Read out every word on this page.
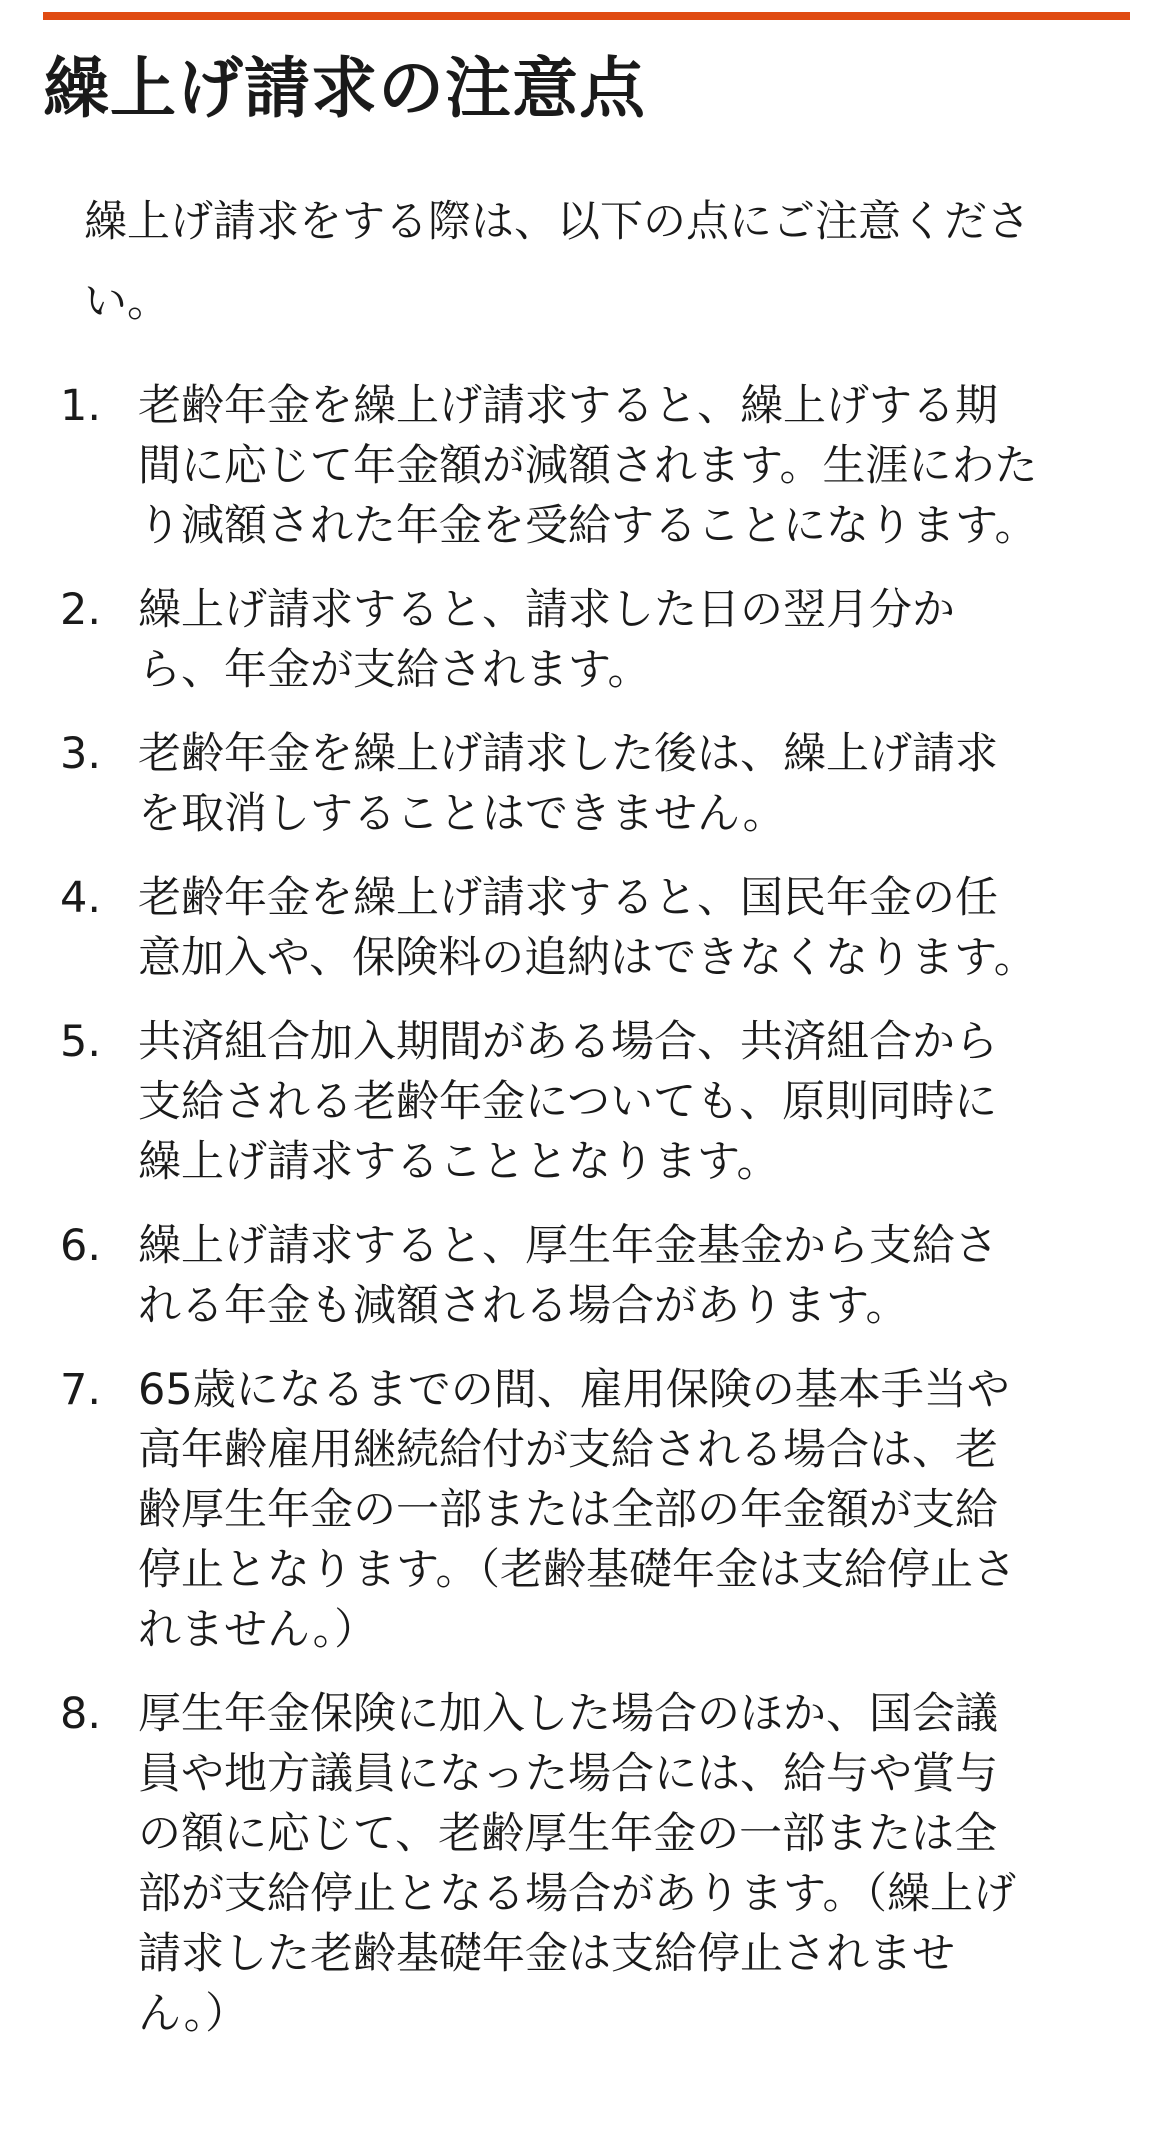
繰上げ請求の注意点

繰上げ請求をする際は、以下の点にご注意ください。

1. 老齢年金を繰上げ請求すると、繰上げする期間に応じて年金額が減額されます。生涯にわたり減額された年金を受給することになります。
2. 繰上げ請求すると、請求した日の翌月分から、年金が支給されます。
3. 老齢年金を繰上げ請求した後は、繰上げ請求を取消しすることはできません。
4. 老齢年金を繰上げ請求すると、国民年金の任意加入や、保険料の追納はできなくなります。
5. 共済組合加入期間がある場合、共済組合から支給される老齢年金についても、原則同時に繰上げ請求することとなります。
6. 繰上げ請求すると、厚生年金基金から支給される年金も減額される場合があります。
7. 65歳になるまでの間、雇用保険の基本手当や高年齢雇用継続給付が支給される場合は、老齢厚生年金の一部または全部の年金額が支給停止となります。（老齢基礎年金は支給停止されません。）
8. 厚生年金保険に加入した場合のほか、国会議員や地方議員になった場合には、給与や賞与の額に応じて、老齢厚生年金の一部または全部が支給停止となる場合があります。（繰上げ請求した老齢基礎年金は支給停止されません。）
